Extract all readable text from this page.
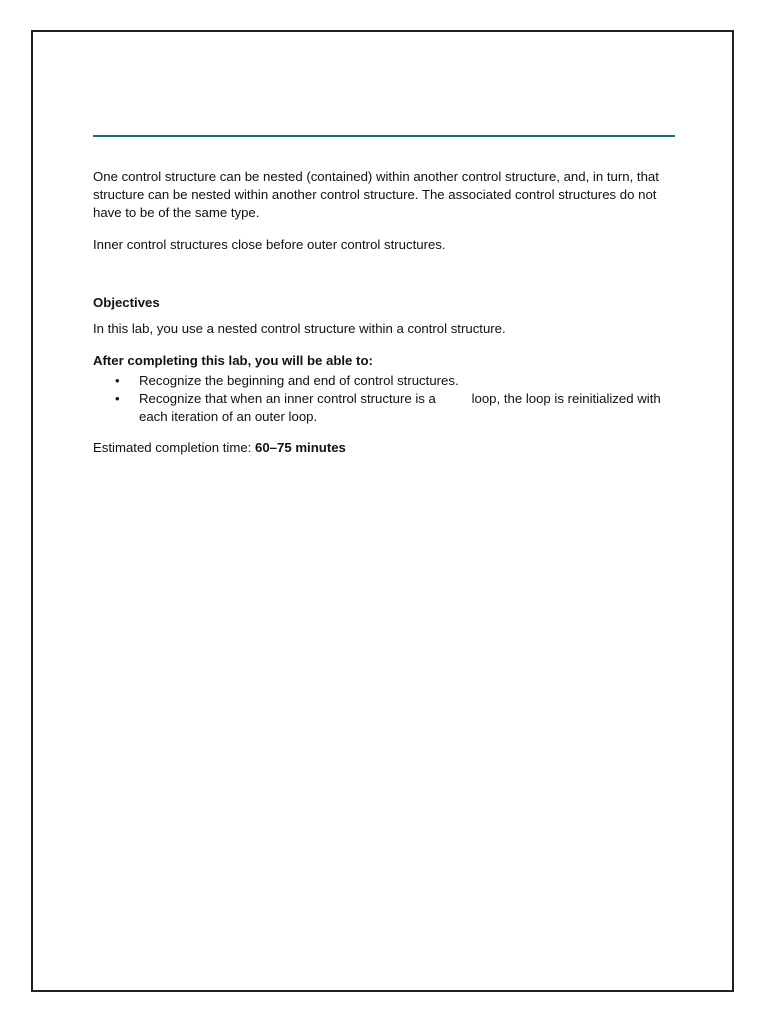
One control structure can be nested (contained) within another control structure, and, in turn, that structure can be nested within another control structure. The associated control structures do not have to be of the same type.

Inner control structures close before outer control structures.

Objectives

In this lab, you use a nested control structure within a control structure.

After completing this lab, you will be able to:

• Recognize the beginning and end of control structures.
• Recognize that when an inner control structure is a	loop, the loop is reinitialized with each iteration of an outer loop.

Estimated completion time: 60–75 minutes
